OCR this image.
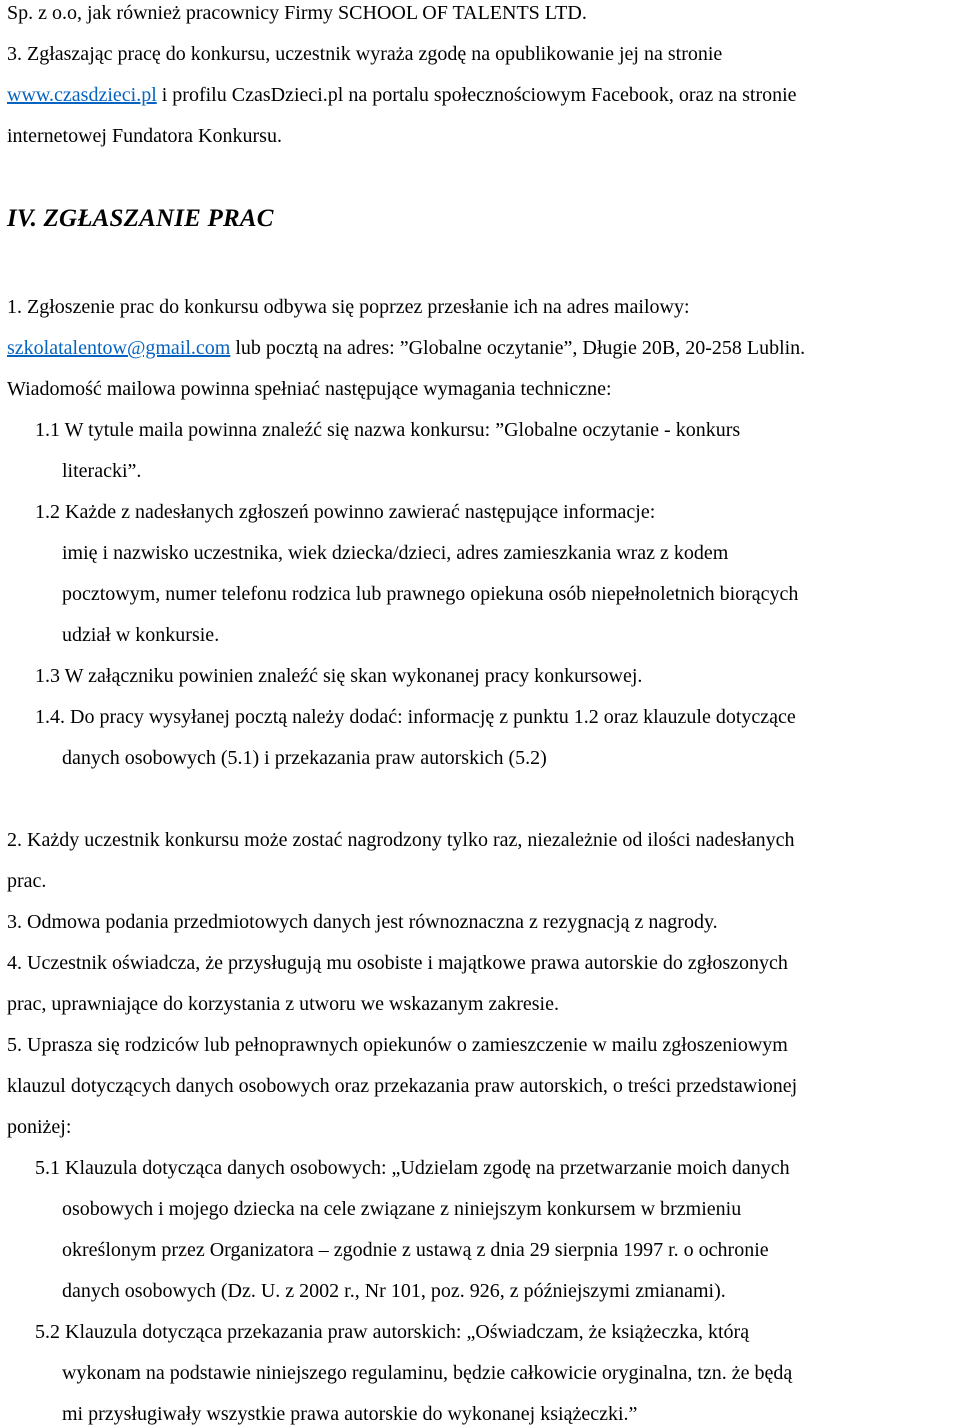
Sp. z o.o, jak również pracownicy Firmy SCHOOL OF TALENTS LTD.

3. Zgłaszając pracę do konkursu, uczestnik wyraża zgodę na opublikowanie jej na stronie

www.czasdzieci.pl i profilu CzasDzieci.pl na portalu społecznościowym Facebook, oraz na stronie

internetowej Fundatora Konkursu.

IV. ZGŁASZANIE PRAC

1. Zgłoszenie prac do konkursu odbywa się poprzez przesłanie ich na adres mailowy:

szkolatalentow@gmail.com lub pocztą na adres: ”Globalne oczytanie”, Długie 20B, 20-258 Lublin.

Wiadomość mailowa powinna spełniać następujące wymagania techniczne:

1.1 W tytule maila powinna znaleźć się nazwa konkursu: ”Globalne oczytanie - konkurs

literacki”.

1.2 Każde z nadesłanych zgłoszeń powinno zawierać następujące informacje:

imię i nazwisko uczestnika, wiek dziecka/dzieci, adres zamieszkania wraz z kodem

pocztowym, numer telefonu rodzica lub prawnego opiekuna osób niepełnoletnich biorących

udział w konkursie.

1.3 W załączniku powinien znaleźć się skan wykonanej pracy konkursowej.

1.4. Do pracy wysyłanej pocztą należy dodać: informację z punktu 1.2 oraz klauzule dotyczące

danych osobowych (5.1) i przekazania praw autorskich (5.2)

2. Każdy uczestnik konkursu może zostać nagrodzony tylko raz, niezależnie od ilości nadesłanych

prac.

3. Odmowa podania przedmiotowych danych jest równoznaczna z rezygnacją z nagrody.

4. Uczestnik oświadcza, że przysługują mu osobiste i majątkowe prawa autorskie do zgłoszonych

prac, uprawniające do korzystania z utworu we wskazanym zakresie.

5. Uprasza się rodziców lub pełnoprawnych opiekunów o zamieszczenie w mailu zgłoszeniowym

klauzul dotyczących danych osobowych oraz przekazania praw autorskich, o treści przedstawionej

poniżej:

5.1 Klauzula dotycząca danych osobowych: „Udzielam zgodę na przetwarzanie moich danych

osobowych i mojego dziecka na cele związane z niniejszym konkursem w brzmieniu

określonym przez Organizatora – zgodnie z ustawą z dnia 29 sierpnia 1997 r. o ochronie

danych osobowych (Dz. U. z 2002 r., Nr 101, poz. 926, z późniejszymi zmianami).

5.2 Klauzula dotycząca przekazania praw autorskich: „Oświadczam, że książeczka, którą

wykonam na podstawie niniejszego regulaminu, będzie całkowicie oryginalna, tzn. że będą

mi przysługiwały wszystkie prawa autorskie do wykonanej książeczki.”
